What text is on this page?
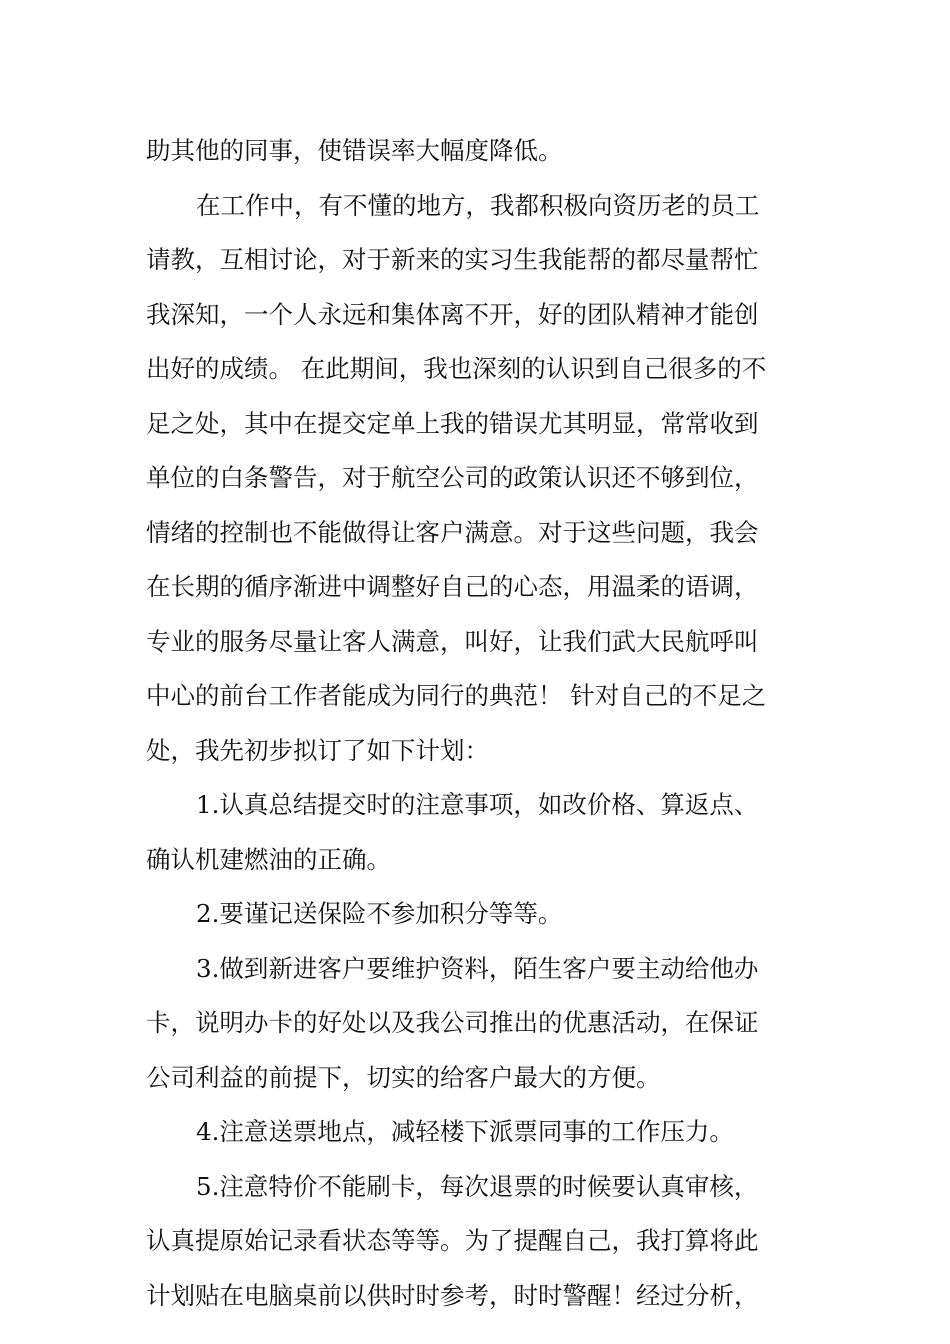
助其他的同事，使错误率大幅度降低。
在工作中，有不懂的地方，我都积极向资历老的员工
请教，互相讨论，对于新来的实习生我能帮的都尽量帮忙
我深知，一个人永远和集体离不开，好的团队精神才能创
出好的成绩。 在此期间，我也深刻的认识到自己很多的不
足之处，其中在提交定单上我的错误尤其明显，常常收到
单位的白条警告，对于航空公司的政策认识还不够到位，
情绪的控制也不能做得让客户满意。对于这些问题，我会
在长期的循序渐进中调整好自己的心态，用温柔的语调，
专业的服务尽量让客人满意，叫好，让我们武大民航呼叫
中心的前台工作者能成为同行的典范！ 针对自己的不足之
处，我先初步拟订了如下计划：
1.认真总结提交时的注意事项，如改价格、算返点、
确认机建燃油的正确。
2.要谨记送保险不参加积分等等。
3.做到新进客户要维护资料，陌生客户要主动给他办
卡，说明办卡的好处以及我公司推出的优惠活动，在保证
公司利益的前提下，切实的给客户最大的方便。
4.注意送票地点，减轻楼下派票同事的工作压力。
5.注意特价不能刷卡，每次退票的时候要认真审核，
认真提原始记录看状态等等。为了提醒自己，我打算将此
计划贴在电脑桌前以供时时参考，时时警醒！经过分析，
